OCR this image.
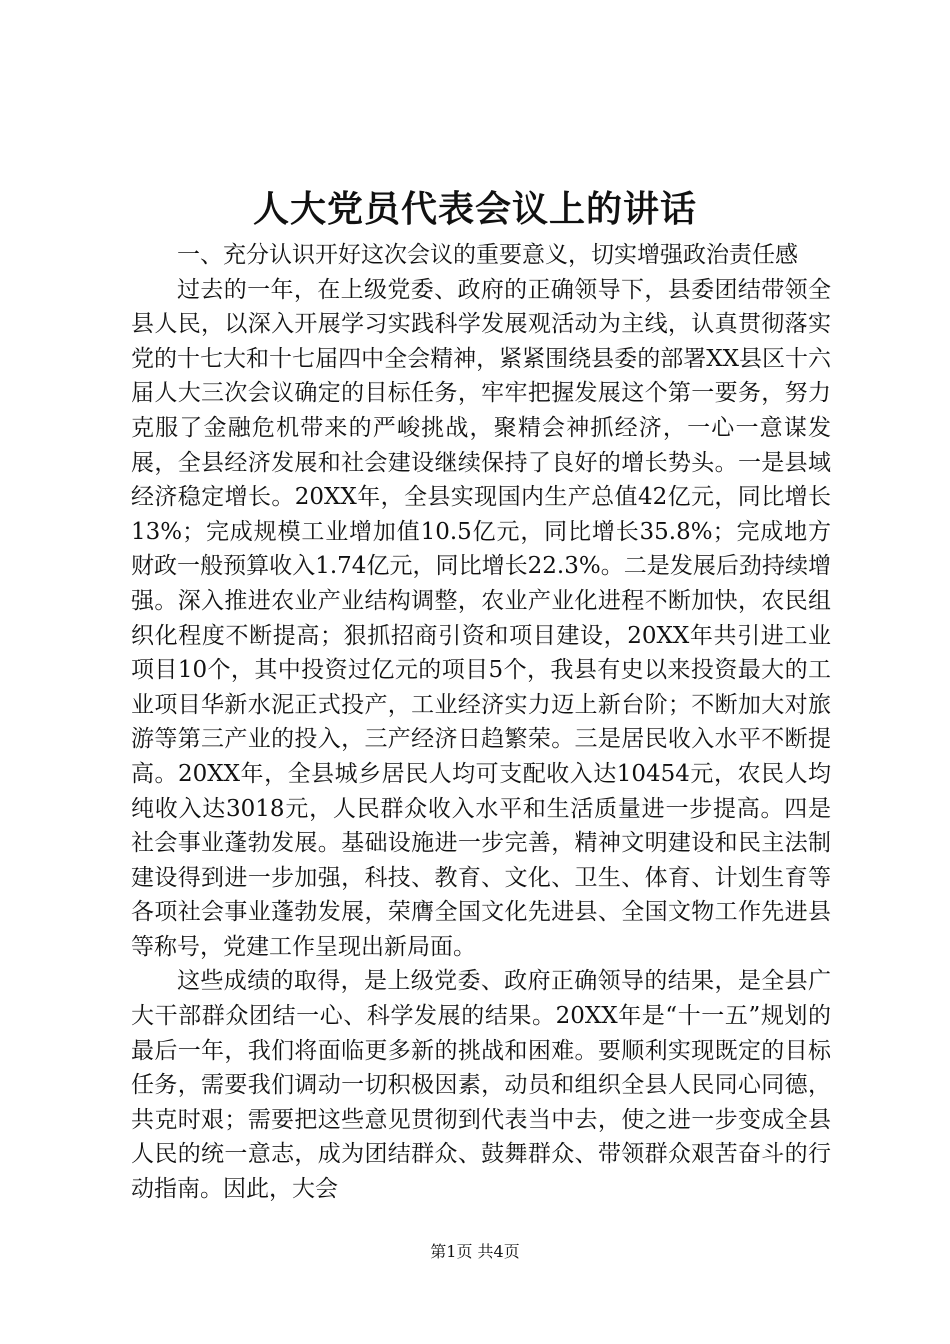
人大党员代表会议上的讲话

一、充分认识开好这次会议的重要意义，切实增强政治责任感

过去的一年，在上级党委、政府的正确领导下，县委团结带领全县人民，以深入开展学习实践科学发展观活动为主线，认真贯彻落实党的十七大和十七届四中全会精神，紧紧围绕县委的部署XX县区十六届人大三次会议确定的目标任务，牢牢把握发展这个第一要务，努力克服了金融危机带来的严峻挑战，聚精会神抓经济，一心一意谋发展，全县经济发展和社会建设继续保持了良好的增长势头。一是县域经济稳定增长。20XX年，全县实现国内生产总值42亿元，同比增长13%；完成规模工业增加值10.5亿元，同比增长35.8%；完成地方财政一般预算收入1.74亿元，同比增长22.3%。二是发展后劲持续增强。深入推进农业产业结构调整，农业产业化进程不断加快，农民组织化程度不断提高；狠抓招商引资和项目建设，20XX年共引进工业项目10个，其中投资过亿元的项目5个，我县有史以来投资最大的工业项目华新水泥正式投产，工业经济实力迈上新台阶；不断加大对旅游等第三产业的投入，三产经济日趋繁荣。三是居民收入水平不断提高。20XX年，全县城乡居民人均可支配收入达10454元，农民人均纯收入达3018元，人民群众收入水平和生活质量进一步提高。四是社会事业蓬勃发展。基础设施进一步完善，精神文明建设和民主法制建设得到进一步加强，科技、教育、文化、卫生、体育、计划生育等各项社会事业蓬勃发展，荣膺全国文化先进县、全国文物工作先进县等称号，党建工作呈现出新局面。

这些成绩的取得，是上级党委、政府正确领导的结果，是全县广大干部群众团结一心、科学发展的结果。20XX年是“十一五”规划的最后一年，我们将面临更多新的挑战和困难。要顺利实现既定的目标任务，需要我们调动一切积极因素，动员和组织全县人民同心同德，共克时艰；需要把这些意见贯彻到代表当中去，使之进一步变成全县人民的统一意志，成为团结群众、鼓舞群众、带领群众艰苦奋斗的行动指南。因此，大会

第1页 共4页
